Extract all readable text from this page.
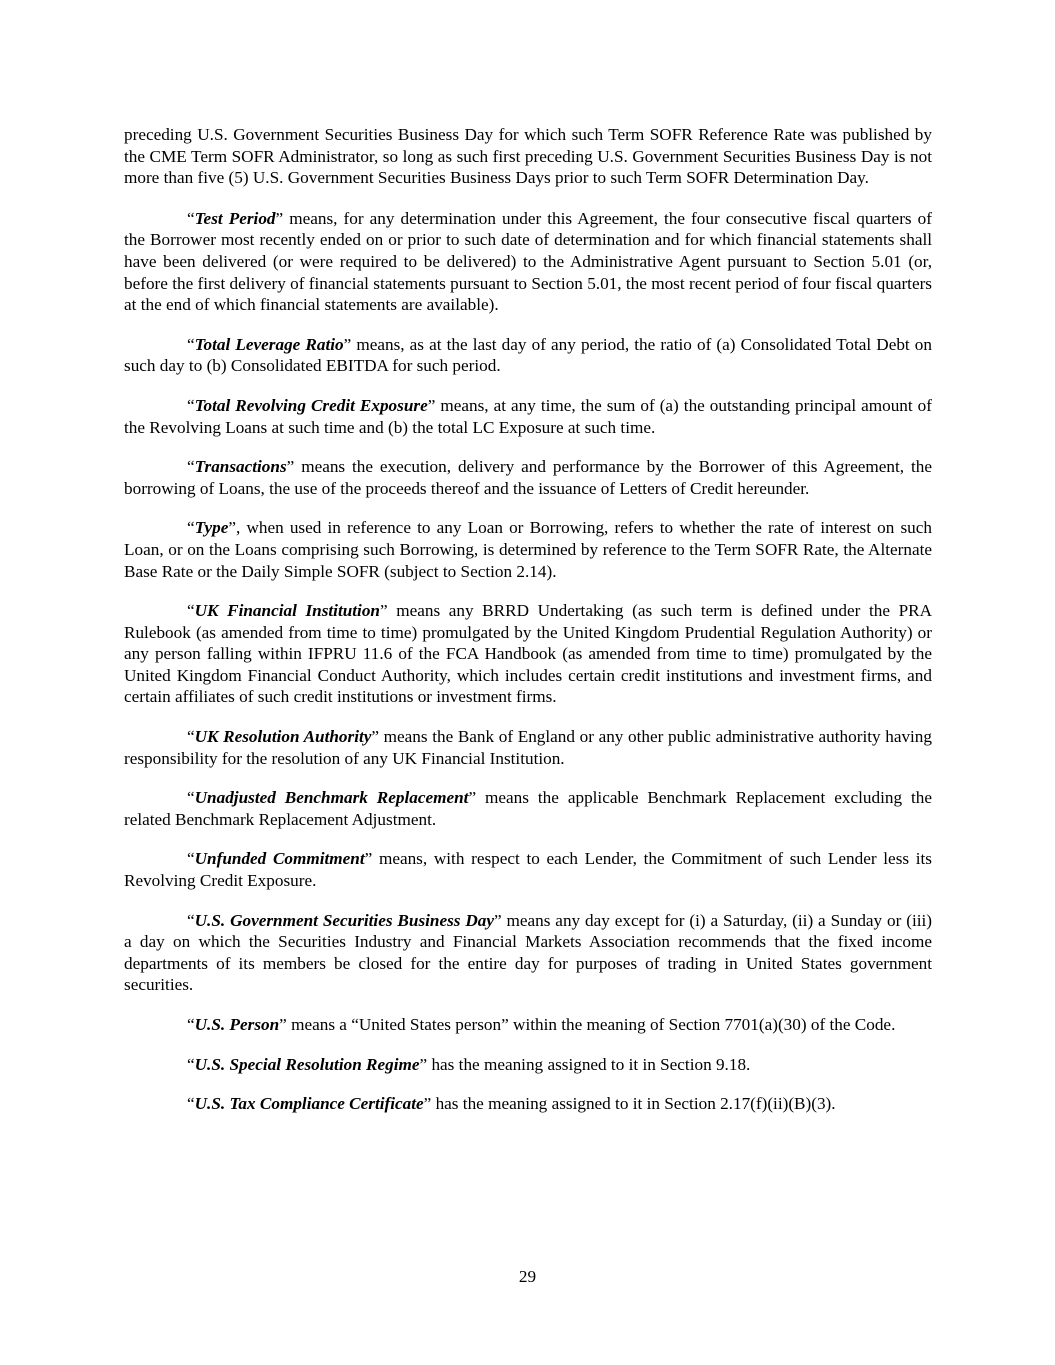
preceding U.S. Government Securities Business Day for which such Term SOFR Reference Rate was published by the CME Term SOFR Administrator, so long as such first preceding U.S. Government Securities Business Day is not more than five (5) U.S. Government Securities Business Days prior to such Term SOFR Determination Day.

“Test Period” means, for any determination under this Agreement, the four consecutive fiscal quarters of the Borrower most recently ended on or prior to such date of determination and for which financial statements shall have been delivered (or were required to be delivered) to the Administrative Agent pursuant to Section 5.01 (or, before the first delivery of financial statements pursuant to Section 5.01, the most recent period of four fiscal quarters at the end of which financial statements are available).

“Total Leverage Ratio” means, as at the last day of any period, the ratio of (a) Consolidated Total Debt on such day to (b) Consolidated EBITDA for such period.

“Total Revolving Credit Exposure” means, at any time, the sum of (a) the outstanding principal amount of the Revolving Loans at such time and (b) the total LC Exposure at such time.

“Transactions” means the execution, delivery and performance by the Borrower of this Agreement, the borrowing of Loans, the use of the proceeds thereof and the issuance of Letters of Credit hereunder.

“Type”, when used in reference to any Loan or Borrowing, refers to whether the rate of interest on such Loan, or on the Loans comprising such Borrowing, is determined by reference to the Term SOFR Rate, the Alternate Base Rate or the Daily Simple SOFR (subject to Section 2.14).

“UK Financial Institution” means any BRRD Undertaking (as such term is defined under the PRA Rulebook (as amended from time to time) promulgated by the United Kingdom Prudential Regulation Authority) or any person falling within IFPRU 11.6 of the FCA Handbook (as amended from time to time) promulgated by the United Kingdom Financial Conduct Authority, which includes certain credit institutions and investment firms, and certain affiliates of such credit institutions or investment firms.

“UK Resolution Authority” means the Bank of England or any other public administrative authority having responsibility for the resolution of any UK Financial Institution.

“Unadjusted Benchmark Replacement” means the applicable Benchmark Replacement excluding the related Benchmark Replacement Adjustment.

“Unfunded Commitment” means, with respect to each Lender, the Commitment of such Lender less its Revolving Credit Exposure.

“U.S. Government Securities Business Day” means any day except for (i) a Saturday, (ii) a Sunday or (iii) a day on which the Securities Industry and Financial Markets Association recommends that the fixed income departments of its members be closed for the entire day for purposes of trading in United States government securities.

“U.S. Person” means a “United States person” within the meaning of Section 7701(a)(30) of the Code.

“U.S. Special Resolution Regime” has the meaning assigned to it in Section 9.18.

“U.S. Tax Compliance Certificate” has the meaning assigned to it in Section 2.17(f)(ii)(B)(3).

29
